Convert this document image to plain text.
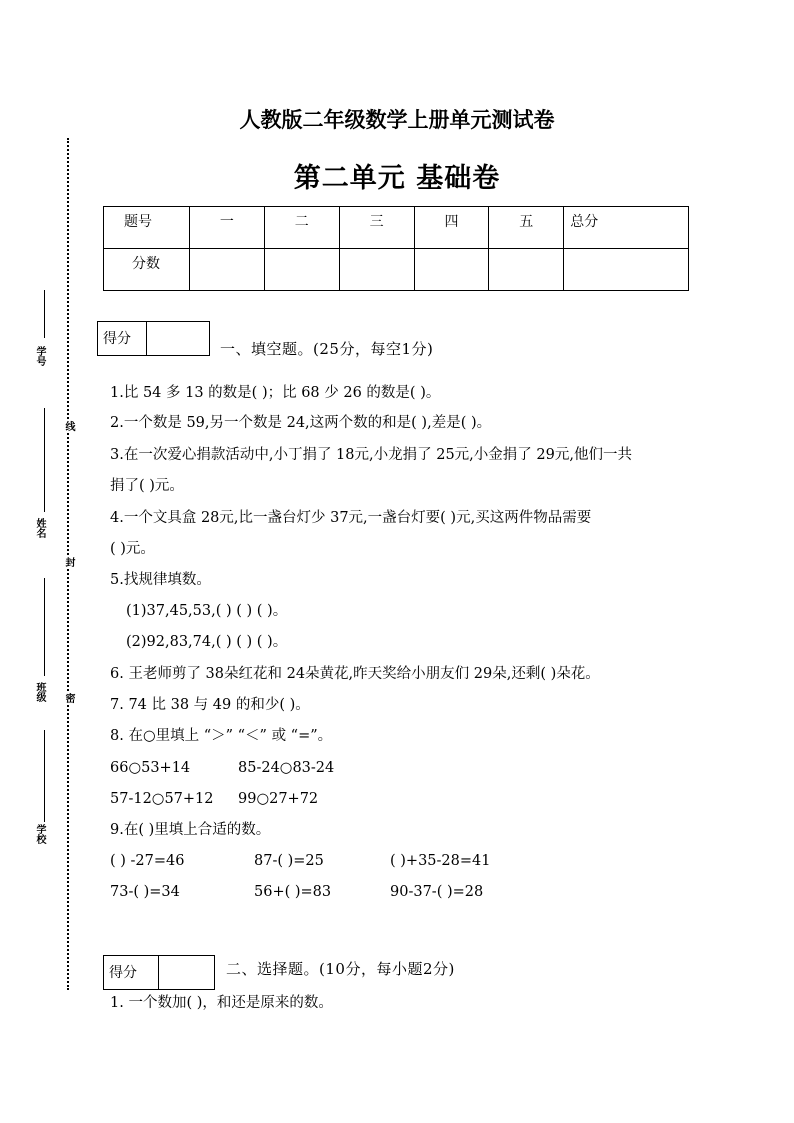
学号
姓名
班级
学校
线
封
密
人教版二年级数学上册单元测试卷
第二单元 基础卷
题号	一	二	三	四	五	总分
分数						
得分
一、填空题。(25分，每空1分)
1.比 54 多 13 的数是( )；比 68 少 26 的数是( )。
2.一个数是 59,另一个数是 24,这两个数的和是( ),差是( )。
3.在一次爱心捐款活动中,小丁捐了 18元,小龙捐了 25元,小金捐了 29元,他们一共
捐了( )元。
4.一个文具盒 28元,比一盏台灯少 37元,一盏台灯要( )元,买这两件物品需要
( )元。
5.找规律填数。
(1)37,45,53,( ) ( ) ( )。
(2)92,83,74,( ) ( ) ( )。
6. 王老师剪了 38朵红花和 24朵黄花,昨天奖给小朋友们 29朵,还剩( )朵花。
7. 74 比 38 与 49 的和少( )。
8. 在○里填上 “＞” “＜” 或 “=”。
66○53+14	85-24○83-24
57-12○57+12 99○27+72
9.在( )里填上合适的数。
( ) -27=46	87-( )=25	( )+35-28=41
73-( )=34	56+( )=83	90-37-( )=28
得分	二、选择题。(10分，每小题2分)
1. 一个数加( )，和还是原来的数。
